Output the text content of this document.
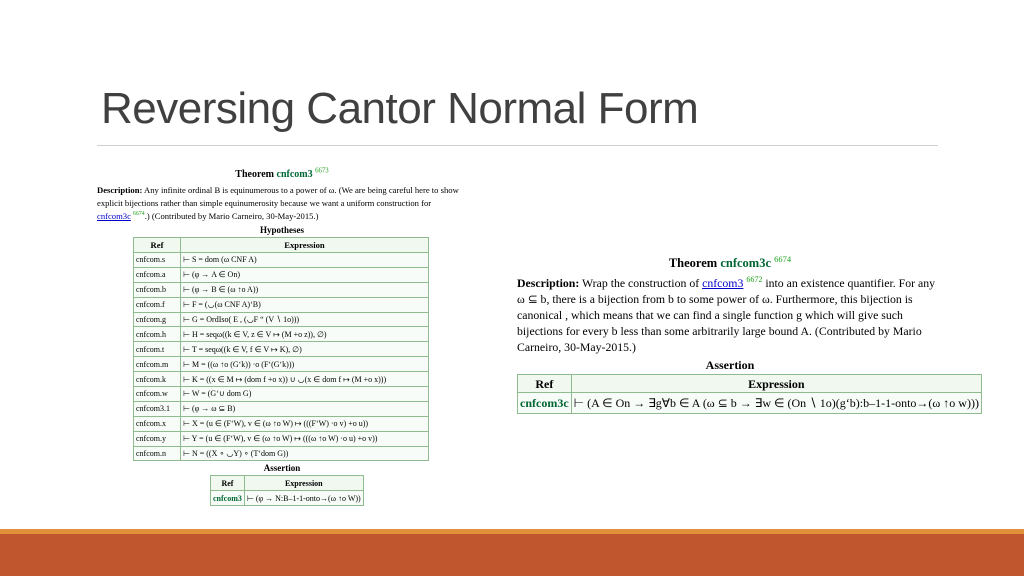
Reversing Cantor Normal Form
Theorem cnfcom3 $^{6673}$
Description: Any infinite ordinal B is equinumerous to a power of ω. (We are being careful here to show explicit bijections rather than simple equinumerosity because we want a uniform construction for cnfcom3c $^{6674}$.) (Contributed by Mario Carneiro, 30-May-2015.)
Hypotheses
Ref	Expression
cnfcom.s	⊢ S = dom (ω CNF A)
cnfcom.a	⊢ (φ → A ∈ On)
cnfcom.b	⊢ (φ → B ∈ (ω ↑o A))
cnfcom.f	⊢ F = (◡(ω CNF A)‘B)
cnfcom.g	⊢ G = OrdIso( E , (◡F “ (V ∖ 1o)))
cnfcom.h	⊢ H = seqω((k ∈ V, z ∈ V ↦ (M +o z)), ∅)
cnfcom.t	⊢ T = seqω((k ∈ V, f ∈ V ↦ K), ∅)
cnfcom.m	⊢ M = ((ω ↑o (G‘k)) ·o (F‘(G‘k)))
cnfcom.k	⊢ K = ((x ∈ M ↦ (dom f +o x)) ∪ ◡(x ∈ dom f ↦ (M +o x)))
cnfcom.w	⊢ W = (G‘∪ dom G)
cnfcom3.1	⊢ (φ → ω ⊆ B)
cnfcom.x	⊢ X = (u ∈ (F‘W), v ∈ (ω ↑o W) ↦ (((F‘W) ·o v) +o u))
cnfcom.y	⊢ Y = (u ∈ (F‘W), v ∈ (ω ↑o W) ↦ (((ω ↑o W) ·o u) +o v))
cnfcom.n	⊢ N = ((X ∘ ◡Y) ∘ (T‘dom G))
Assertion
Ref	Expression
cnfcom3	⊢ (φ → N:B–1-1-onto→(ω ↑o W))
Theorem cnfcom3c $^{6674}$
Description: Wrap the construction of cnfcom3 $^{6672}$ into an existence quantifier. For any ω ⊆ b, there is a bijection from b to some power of ω. Furthermore, this bijection is canonical , which means that we can find a single function g which will give such bijections for every b less than some arbitrarily large bound A. (Contributed by Mario Carneiro, 30-May-2015.)
Assertion
Ref	Expression
cnfcom3c	⊢ (A ∈ On → ∃g∀b ∈ A (ω ⊆ b → ∃w ∈ (On ∖ 1o)(g‘b):b–1-1-onto→(ω ↑o w)))
